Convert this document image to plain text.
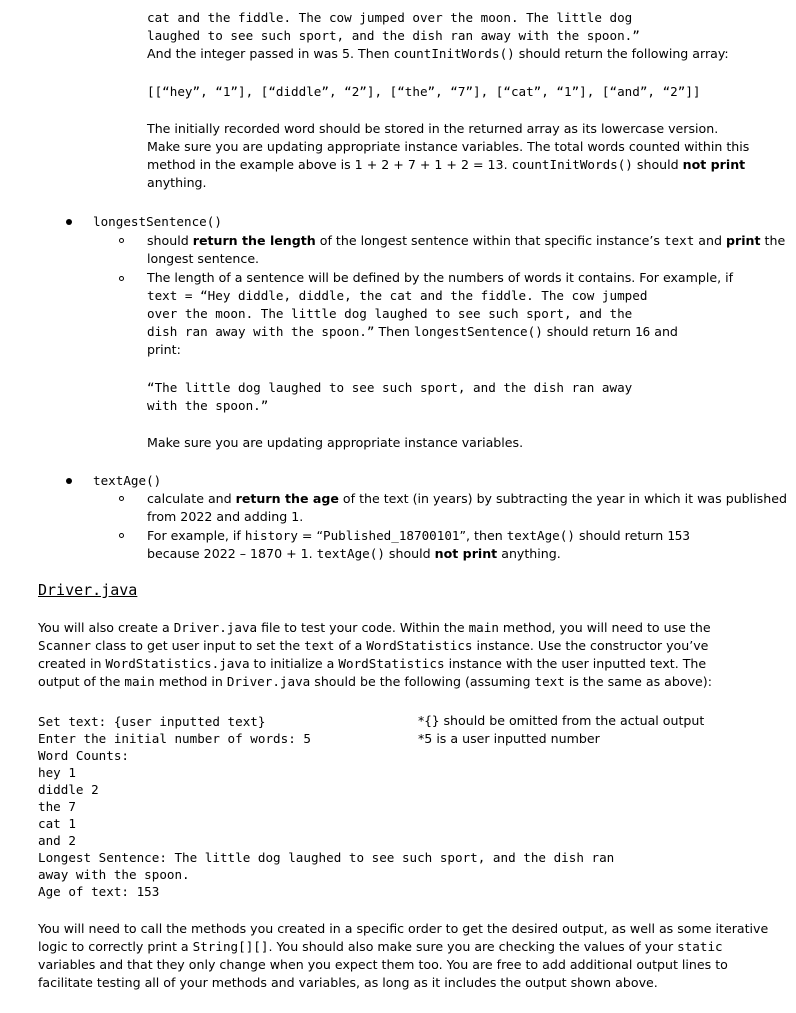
cat and the fiddle. The cow jumped over the moon. The little dog
laughed to see such sport, and the dish ran away with the spoon.”
And the integer passed in was 5. Then countInitWords() should return the following array:
[[“hey”, “1”], [“diddle”, “2”], [“the”, “7”], [“cat”, “1”], [“and”, “2”]]
The initially recorded word should be stored in the returned array as its lowercase version.
Make sure you are updating appropriate instance variables. The total words counted within this
method in the example above is 1 + 2 + 7 + 1 + 2 = 13. countInitWords() should not print
anything.
longestSentence()
should return the length of the longest sentence within that specific instance’s text and print the
longest sentence.
The length of a sentence will be defined by the numbers of words it contains. For example, if
text = “Hey diddle, diddle, the cat and the fiddle. The cow jumped
over the moon. The little dog laughed to see such sport, and the
dish ran away with the spoon.” Then longestSentence() should return 16 and
print:
“The little dog laughed to see such sport, and the dish ran away
with the spoon.”
Make sure you are updating appropriate instance variables.
textAge()
calculate and return the age of the text (in years) by subtracting the year in which it was published
from 2022 and adding 1.
For example, if history = “Published_18700101”, then textAge() should return 153
because 2022 – 1870 + 1. textAge() should not print anything.
Driver.java
You will also create a Driver.java file to test your code. Within the main method, you will need to use the
Scanner class to get user input to set the text of a WordStatistics instance. Use the constructor you’ve
created in WordStatistics.java to initialize a WordStatistics instance with the user inputted text. The
output of the main method in Driver.java should be the following (assuming text is the same as above):
Set text: {user inputted text}
Enter the initial number of words: 5
Word Counts:
hey 1
diddle 2
the 7
cat 1
and 2
Longest Sentence: The little dog laughed to see such sport, and the dish ran
away with the spoon.
Age of text: 153
*{} should be omitted from the actual output
*5 is a user inputted number
You will need to call the methods you created in a specific order to get the desired output, as well as some iterative
logic to correctly print a String[][]. You should also make sure you are checking the values of your static
variables and that they only change when you expect them too. You are free to add additional output lines to
facilitate testing all of your methods and variables, as long as it includes the output shown above.
